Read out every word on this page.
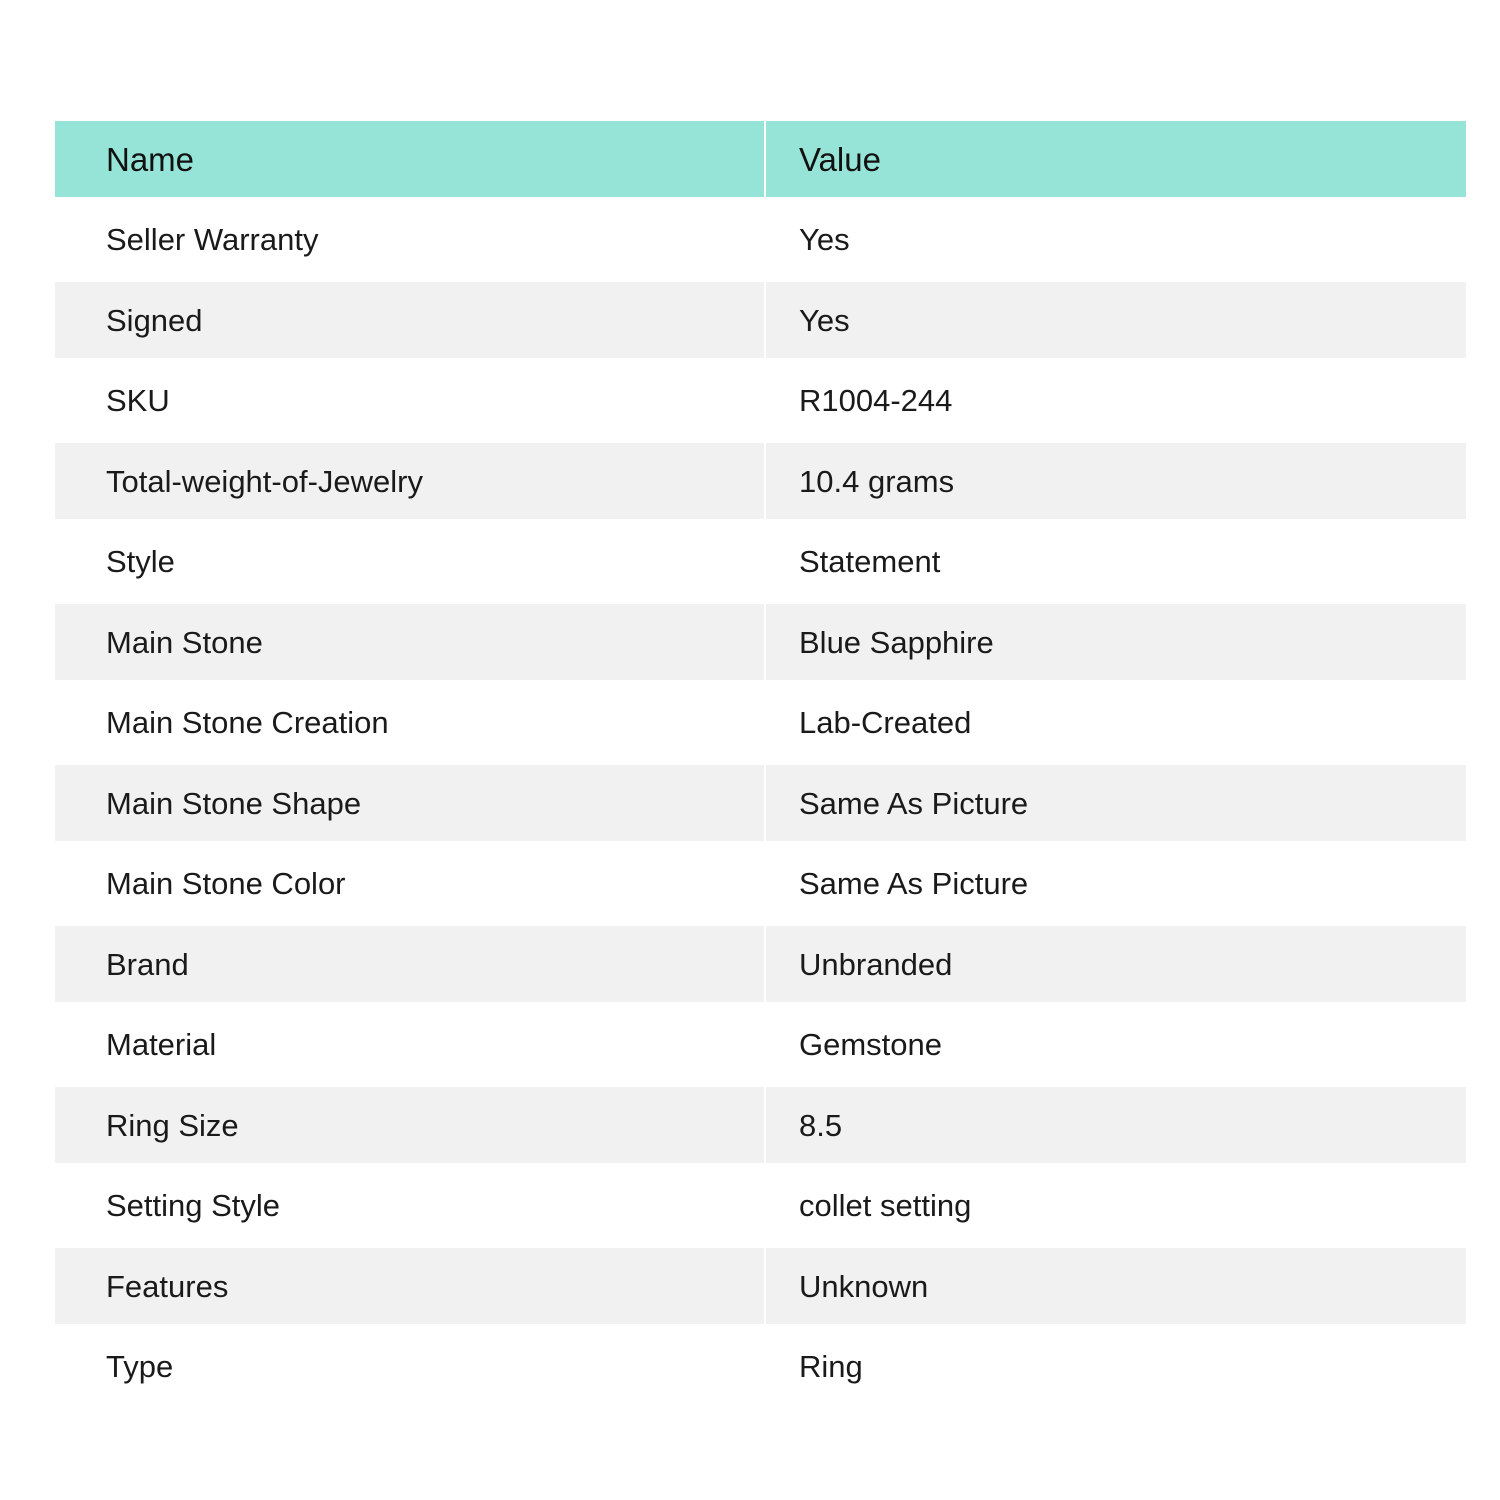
Name	Value
Seller Warranty	Yes
Signed	Yes
SKU	R1004-244
Total-weight-of-Jewelry	10.4 grams
Style	Statement
Main Stone	Blue Sapphire
Main Stone Creation	Lab-Created
Main Stone Shape	Same As Picture
Main Stone Color	Same As Picture
Brand	Unbranded
Material	Gemstone
Ring Size	8.5
Setting Style	collet setting
Features	Unknown
Type	Ring
